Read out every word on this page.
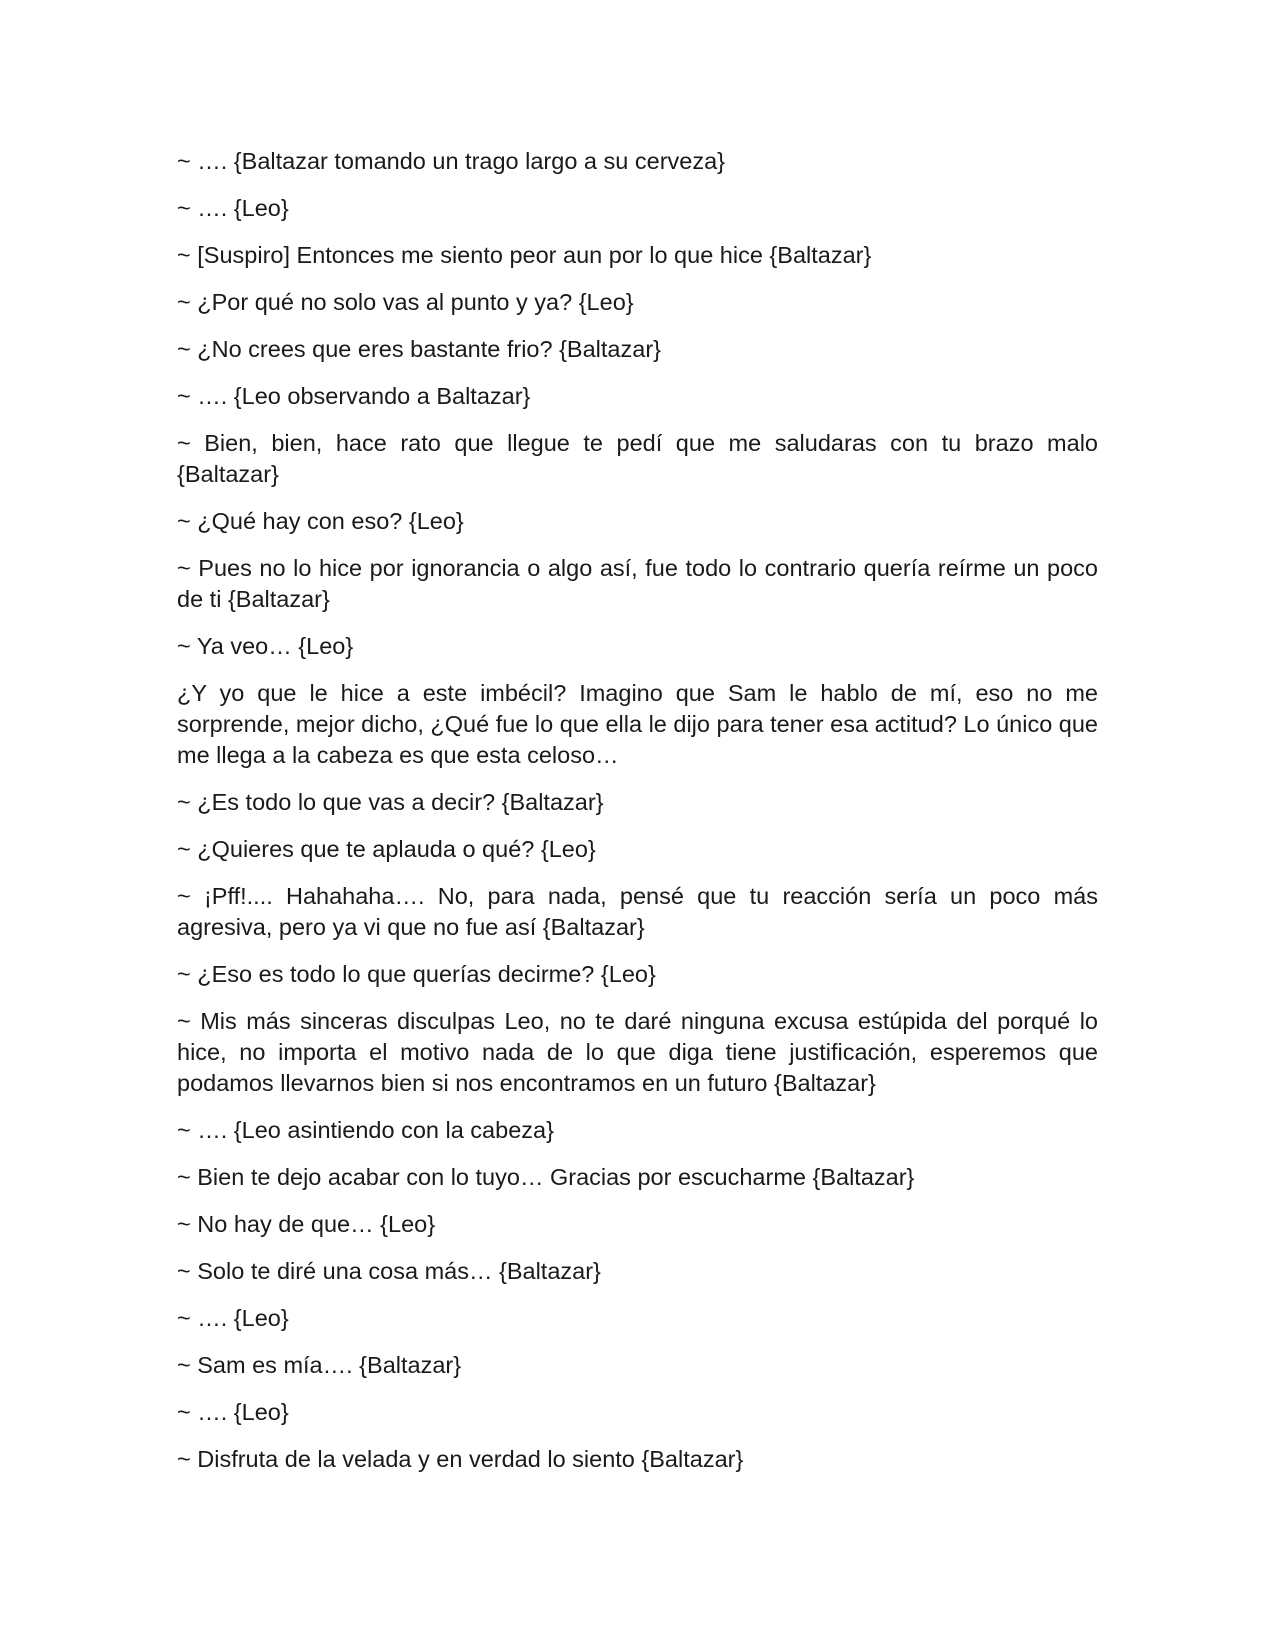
~ …. {Baltazar tomando un trago largo a su cerveza}

~ …. {Leo}

~ [Suspiro] Entonces me siento peor aun por lo que hice {Baltazar}

~ ¿Por qué no solo vas al punto y ya? {Leo}

~ ¿No crees que eres bastante frio? {Baltazar}

~ …. {Leo observando a Baltazar}

~ Bien, bien, hace rato que llegue te pedí que me saludaras con tu brazo malo {Baltazar}

~ ¿Qué hay con eso? {Leo}

~ Pues no lo hice por ignorancia o algo así, fue todo lo contrario quería reírme un poco de ti {Baltazar}

~ Ya veo… {Leo}

¿Y yo que le hice a este imbécil? Imagino que Sam le hablo de mí, eso no me sorprende, mejor dicho, ¿Qué fue lo que ella le dijo para tener esa actitud? Lo único que me llega a la cabeza es que esta celoso…

~ ¿Es todo lo que vas a decir? {Baltazar}

~ ¿Quieres que te aplauda o qué? {Leo}

~ ¡Pff!.... Hahahaha…. No, para nada, pensé que tu reacción sería un poco más agresiva, pero ya vi que no fue así {Baltazar}

~ ¿Eso es todo lo que querías decirme? {Leo}

~ Mis más sinceras disculpas Leo, no te daré ninguna excusa estúpida del porqué lo hice, no importa el motivo nada de lo que diga tiene justificación, esperemos que podamos llevarnos bien si nos encontramos en un futuro {Baltazar}

~ …. {Leo asintiendo con la cabeza}

~ Bien te dejo acabar con lo tuyo… Gracias por escucharme {Baltazar}

~ No hay de que… {Leo}

~ Solo te diré una cosa más… {Baltazar}

~ …. {Leo}

~ Sam es mía…. {Baltazar}

~ …. {Leo}

~ Disfruta de la velada y en verdad lo siento {Baltazar}
